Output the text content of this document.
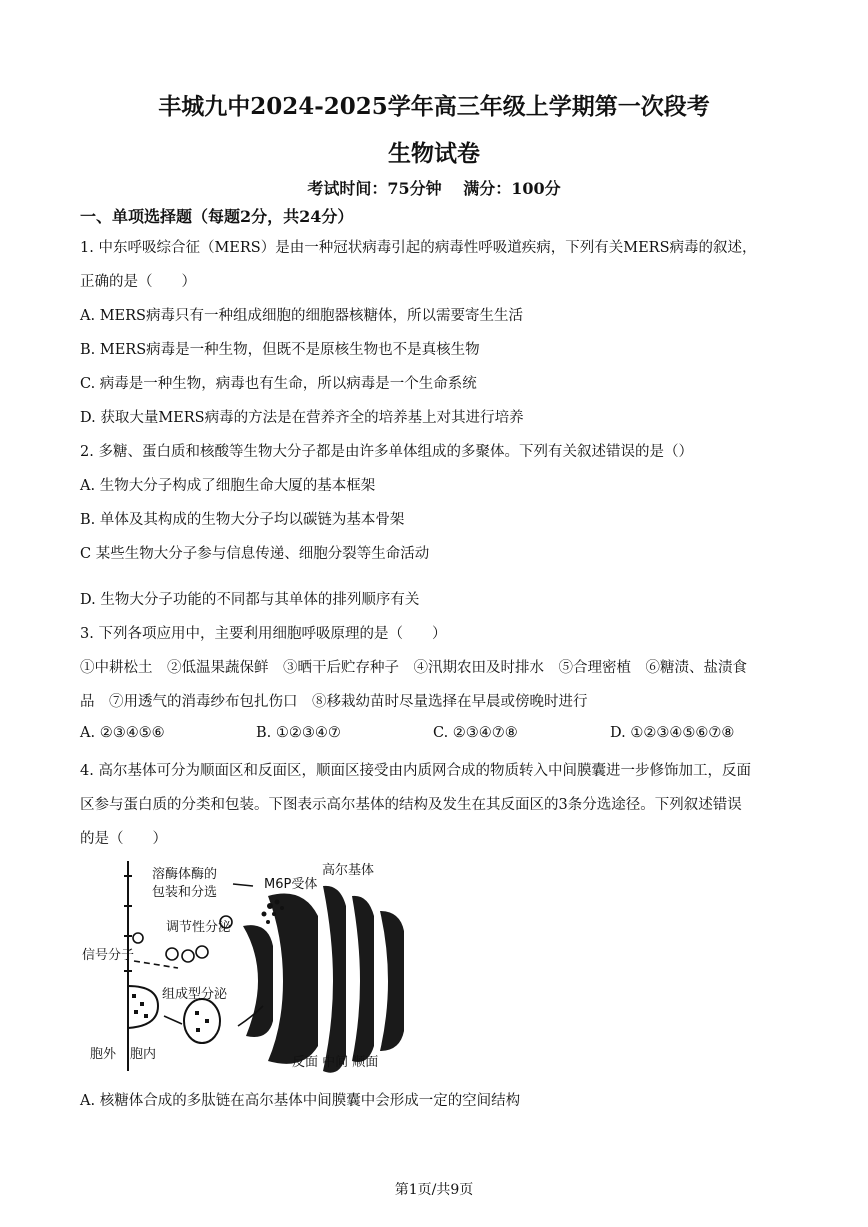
丰城九中2024-2025学年高三年级上学期第一次段考
生物试卷
考试时间：75分钟 满分：100分
一、单项选择题（每题2分，共24分）
1. 中东呼吸综合征（MERS）是由一种冠状病毒引起的病毒性呼吸道疾病，下列有关MERS病毒的叙述，
正确的是（　　）
A. MERS病毒只有一种组成细胞的细胞器核糖体，所以需要寄生生活
B. MERS病毒是一种生物，但既不是原核生物也不是真核生物
C. 病毒是一种生物，病毒也有生命，所以病毒是一个生命系统
D. 获取大量MERS病毒的方法是在营养齐全的培养基上对其进行培养
2. 多糖、蛋白质和核酸等生物大分子都是由许多单体组成的多聚体。下列有关叙述错误的是（）
A. 生物大分子构成了细胞生命大厦的基本框架
B. 单体及其构成的生物大分子均以碳链为基本骨架
C 某些生物大分子参与信息传递、细胞分裂等生命活动
D. 生物大分子功能的不同都与其单体的排列顺序有关
3. 下列各项应用中，主要利用细胞呼吸原理的是（　　）
①中耕松土　②低温果蔬保鲜　③晒干后贮存种子　④汛期农田及时排水　⑤合理密植　⑥糖渍、盐渍食
品　⑦用透气的消毒纱布包扎伤口　⑧移栽幼苗时尽量选择在早晨或傍晚时进行
A. ②③④⑤⑥	B. ①②③④⑦	C. ②③④⑦⑧	D. ①②③④⑤⑥⑦⑧
4. 高尔基体可分为顺面区和反面区，顺面区接受由内质网合成的物质转入中间膜囊进一步修饰加工，反面
区参与蛋白质的分类和包装。下图表示高尔基体的结构及发生在其反面区的3条分选途径。下列叙述错误
的是（　　）
溶酶体酶的
包装和分选
M6P受体
高尔基体
调节性分泌
信号分子
组成型分泌
胞外 胞内
反面 中间 顺面
A. 核糖体合成的多肽链在高尔基体中间膜囊中会形成一定的空间结构
第1页/共9页
